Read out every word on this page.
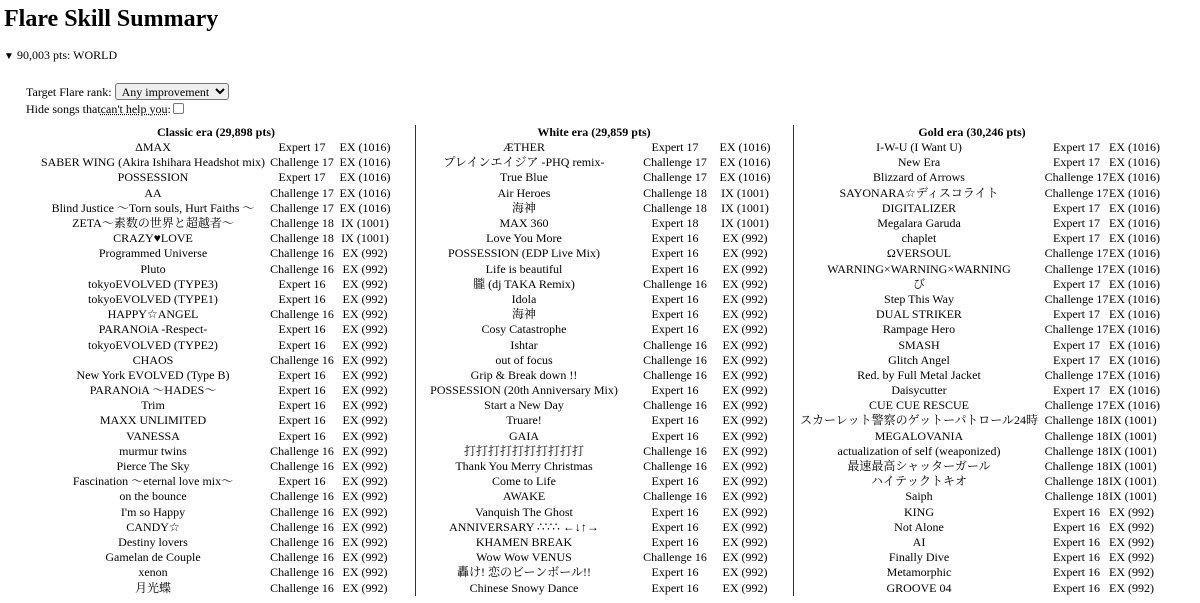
Flare Skill Summary
▼ 90,003 pts: WORLD
Target Flare rank:
Any improvement
Hide songs that can't help you :
Classic era (29,898 pts)
ΔMAX	Expert 17	EX (1016)
SABER WING (Akira Ishihara Headshot mix)	Challenge 17	EX (1016)
POSSESSION	Expert 17	EX (1016)
AA	Challenge 17	EX (1016)
Blind Justice ～Torn souls, Hurt Faiths ～	Challenge 17	EX (1016)
ZETA～素数の世界と超越者～	Challenge 18	IX (1001)
CRAZY♥LOVE	Challenge 18	IX (1001)
Programmed Universe	Challenge 16	EX (992)
Pluto	Challenge 16	EX (992)
tokyoEVOLVED (TYPE3)	Expert 16	EX (992)
tokyoEVOLVED (TYPE1)	Expert 16	EX (992)
HAPPY☆ANGEL	Challenge 16	EX (992)
PARANOiA -Respect-	Expert 16	EX (992)
tokyoEVOLVED (TYPE2)	Expert 16	EX (992)
CHAOS	Challenge 16	EX (992)
New York EVOLVED (Type B)	Expert 16	EX (992)
PARANOiA ～HADES～	Expert 16	EX (992)
Trim	Expert 16	EX (992)
MAXX UNLIMITED	Expert 16	EX (992)
VANESSA	Expert 16	EX (992)
murmur twins	Challenge 16	EX (992)
Pierce The Sky	Challenge 16	EX (992)
Fascination ～eternal love mix～	Expert 16	EX (992)
on the bounce	Challenge 16	EX (992)
I'm so Happy	Challenge 16	EX (992)
CANDY☆	Challenge 16	EX (992)
Destiny lovers	Challenge 16	EX (992)
Gamelan de Couple	Challenge 16	EX (992)
xenon	Challenge 16	EX (992)
月光蝶	Challenge 16	EX (992)
White era (29,859 pts)
ÆTHER	Expert 17	EX (1016)
プレインエイジア -PHQ remix-	Challenge 17	EX (1016)
True Blue	Challenge 17	EX (1016)
Air Heroes	Challenge 18	IX (1001)
海神	Challenge 18	IX (1001)
MAX 360	Expert 18	IX (1001)
Love You More	Expert 16	EX (992)
POSSESSION (EDP Live Mix)	Expert 16	EX (992)
Life is beautiful	Expert 16	EX (992)
朧 (dj TAKA Remix)	Challenge 16	EX (992)
Idola	Expert 16	EX (992)
海神	Expert 16	EX (992)
Cosy Catastrophe	Expert 16	EX (992)
Ishtar	Challenge 16	EX (992)
out of focus	Challenge 16	EX (992)
Grip & Break down !!	Challenge 16	EX (992)
POSSESSION (20th Anniversary Mix)	Expert 16	EX (992)
Start a New Day	Challenge 16	EX (992)
Truare!	Expert 16	EX (992)
GAIA	Expert 16	EX (992)
打打打打打打打打打打	Challenge 16	EX (992)
Thank You Merry Christmas	Challenge 16	EX (992)
Come to Life	Expert 16	EX (992)
AWAKE	Challenge 16	EX (992)
Vanquish The Ghost	Expert 16	EX (992)
ANNIVERSARY ∴∵∴ ←↓↑→	Expert 16	EX (992)
KHAMEN BREAK	Expert 16	EX (992)
Wow Wow VENUS	Challenge 16	EX (992)
轟け! 恋のビーンボール!!	Expert 16	EX (992)
Chinese Snowy Dance	Expert 16	EX (992)
Gold era (30,246 pts)
I-W-U (I Want U)	Expert 17	EX (1016)
New Era	Expert 17	EX (1016)
Blizzard of Arrows	Challenge 17	EX (1016)
SAYONARA☆ディスコライト	Challenge 17	EX (1016)
DIGITALIZER	Expert 17	EX (1016)
Megalara Garuda	Expert 17	EX (1016)
chaplet	Expert 17	EX (1016)
ΩVERSOUL	Challenge 17	EX (1016)
WARNING×WARNING×WARNING	Challenge 17	EX (1016)
び	Expert 17	EX (1016)
Step This Way	Challenge 17	EX (1016)
DUAL STRIKER	Expert 17	EX (1016)
Rampage Hero	Challenge 17	EX (1016)
SMASH	Expert 17	EX (1016)
Glitch Angel	Expert 17	EX (1016)
Red. by Full Metal Jacket	Challenge 17	EX (1016)
Daisycutter	Expert 17	EX (1016)
CUE CUE RESCUE	Challenge 17	EX (1016)
スカーレット警察のゲットーパトロール24時	Challenge 18	IX (1001)
MEGALOVANIA	Challenge 18	IX (1001)
actualization of self (weaponized)	Challenge 18	IX (1001)
最速最高シャッターガール	Challenge 18	IX (1001)
ハイテックトキオ	Challenge 18	IX (1001)
Saiph	Challenge 18	IX (1001)
KING	Expert 16	EX (992)
Not Alone	Expert 16	EX (992)
AI	Expert 16	EX (992)
Finally Dive	Expert 16	EX (992)
Metamorphic	Expert 16	EX (992)
GROOVE 04	Expert 16	EX (992)
